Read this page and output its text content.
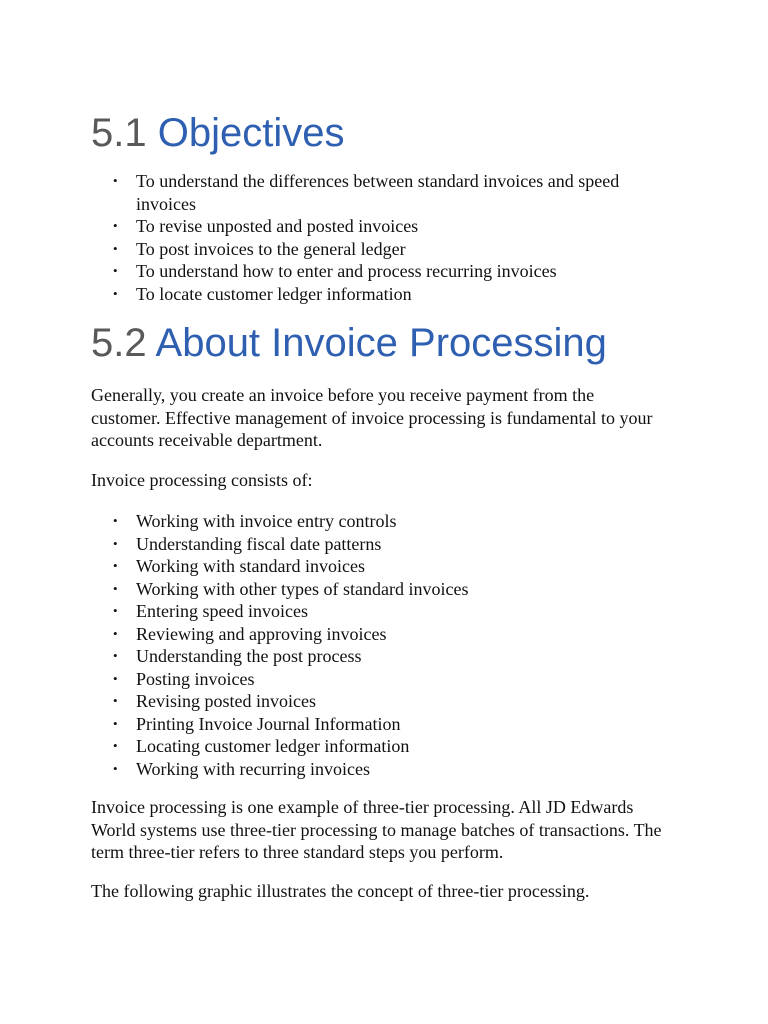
5.1 Objectives
• To understand the differences between standard invoices and speed invoices
• To revise unposted and posted invoices
• To post invoices to the general ledger
• To understand how to enter and process recurring invoices
• To locate customer ledger information
5.2 About Invoice Processing

Generally, you create an invoice before you receive payment from the customer. Effective management of invoice processing is fundamental to your accounts receivable department.

Invoice processing consists of:

• Working with invoice entry controls
• Understanding fiscal date patterns
• Working with standard invoices
• Working with other types of standard invoices
• Entering speed invoices
• Reviewing and approving invoices
• Understanding the post process
• Posting invoices
• Revising posted invoices
• Printing Invoice Journal Information
• Locating customer ledger information
• Working with recurring invoices

Invoice processing is one example of three-tier processing. All JD Edwards World systems use three-tier processing to manage batches of transactions. The term three-tier refers to three standard steps you perform.

The following graphic illustrates the concept of three-tier processing.
